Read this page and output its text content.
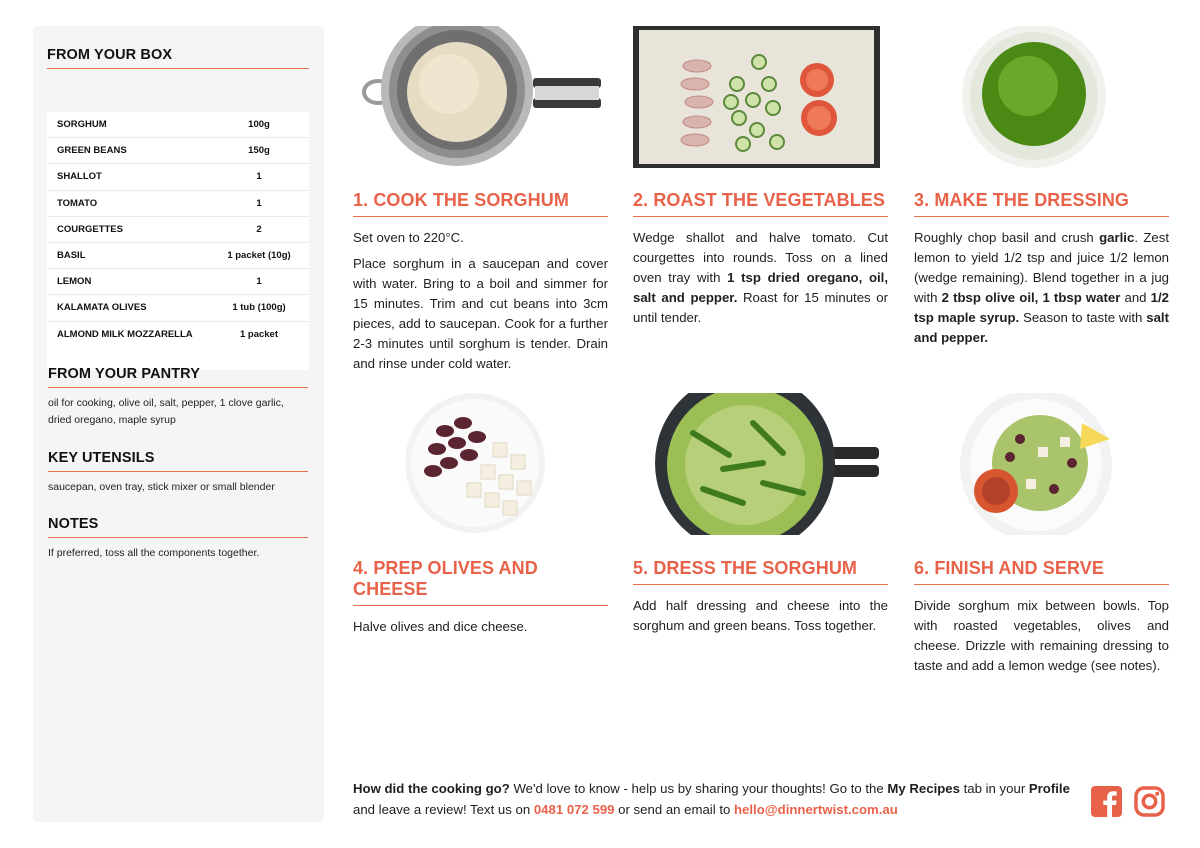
FROM YOUR BOX
SORGHUM	100g
GREEN BEANS	150g
SHALLOT	1
TOMATO	1
COURGETTES	2
BASIL	1 packet (10g)
LEMON	1
KALAMATA OLIVES	1 tub (100g)
ALMOND MILK MOZZARELLA	1 packet
FROM YOUR PANTRY

oil for cooking, olive oil, salt, pepper, 1 clove garlic, dried oregano, maple syrup

KEY UTENSILS

saucepan, oven tray, stick mixer or small blender

NOTES

If preferred, toss all the components together.

1. COOK THE SORGHUM

Set oven to 220°C.

Place sorghum in a saucepan and cover with water. Bring to a boil and simmer for 15 minutes. Trim and cut beans into 3cm pieces, add to saucepan. Cook for a further 2-3 minutes until sorghum is tender. Drain and rinse under cold water.

2. ROAST THE VEGETABLES

Wedge shallot and halve tomato. Cut courgettes into rounds. Toss on a lined oven tray with 1 tsp dried oregano, oil, salt and pepper. Roast for 15 minutes or until tender.

3. MAKE THE DRESSING

Roughly chop basil and crush garlic. Zest lemon to yield 1/2 tsp and juice 1/2 lemon (wedge remaining). Blend together in a jug with 2 tbsp olive oil, 1 tbsp water and 1/2 tsp maple syrup. Season to taste with salt and pepper.

4. PREP OLIVES AND CHEESE

Halve olives and dice cheese.

5. DRESS THE SORGHUM

Add half dressing and cheese into the sorghum and green beans. Toss together.

6. FINISH AND SERVE

Divide sorghum mix between bowls. Top with roasted vegetables, olives and cheese. Drizzle with remaining dressing to taste and add a lemon wedge (see notes).

How did the cooking go? We'd love to know - help us by sharing your thoughts! Go to the My Recipes tab in your Profile and leave a review! Text us on 0481 072 599 or send an email to hello@dinnertwist.com.au
